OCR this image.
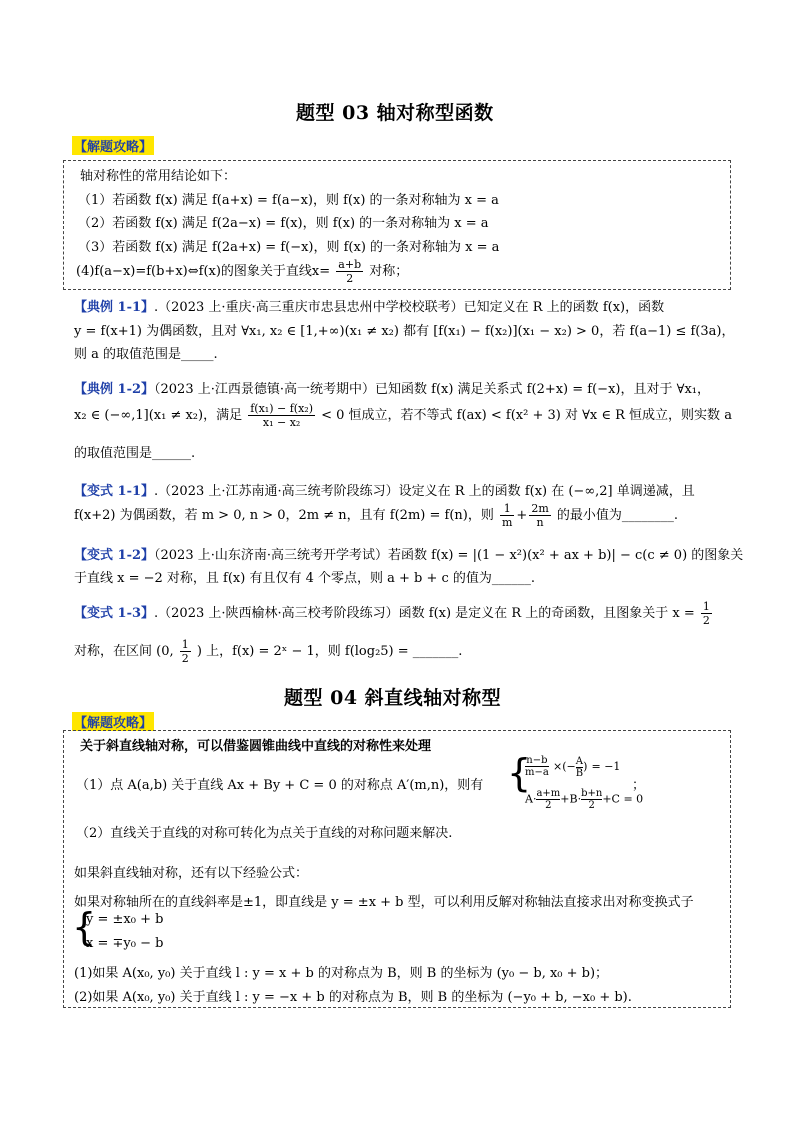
题型 03 轴对称型函数
【解题攻略】
轴对称性的常用结论如下：
（1）若函数 f(x) 满足 f(a+x) = f(a−x)，则 f(x) 的一条对称轴为 x = a
（2）若函数 f(x) 满足 f(2a−x) = f(x)，则 f(x) 的一条对称轴为 x = a
（3）若函数 f(x) 满足 f(2a+x) = f(−x)，则 f(x) 的一条对称轴为 x = a
(4)f(a−x)=f(b+x)⇔f(x)的图象关于直线$x= \frac{a+b}{2}$ 对称；
【典例 1-1】.（2023 上·重庆·高三重庆市忠县忠州中学校校联考）已知定义在 R 上的函数 f(x)，函数
y = f(x+1) 为偶函数，且对 ∀x₁, x₂ ∈ [1,+∞)(x₁ ≠ x₂) 都有 [f(x₁) − f(x₂)](x₁ − x₂) > 0，若 f(a−1) ≤ f(3a)，
则 a 的取值范围是_____.
【典例 1-2】（2023 上·江西景德镇·高一统考期中）已知函数 f(x) 满足关系式 f(2+x) = f(−x)，且对于 ∀x₁，
x₂ ∈ (−∞,1](x₁ ≠ x₂)，满足 $\frac{\text{f(x₁) − f(x₂)}}{\text{x₁ − x₂}} < 0$ 恒成立，若不等式 f(ax) < f(x² + 3) 对 ∀x ∈ R 恒成立，则实数 a
的取值范围是______.
【变式 1-1】.（2023 上·江苏南通·高三统考阶段练习）设定义在 R 上的函数 f(x) 在 (−∞,2] 单调递减，且
f(x+2) 为偶函数，若 m > 0, n > 0，2m ≠ n，且有 f(2m) = f(n)，则 $\frac{1}{m} + \frac{2m}{n}$ 的最小值为________.
【变式 1-2】（2023 上·山东济南·高三统考开学考试）若函数 f(x) = |(1 − x²)(x² + ax + b)| − c(c ≠ 0) 的图象关
于直线 x = −2 对称，且 f(x) 有且仅有 4 个零点，则 a + b + c 的值为______.
【变式 1-3】.（2023 上·陕西榆林·高三校考阶段练习）函数 f(x) 是定义在 R 上的奇函数，且图象关于 $x = \frac{1}{2}$
对称，在区间 (0, $\frac{1}{2}$ ) 上，f(x) = 2ˣ − 1，则 f(log₂5) = _______.
题型 04 斜直线轴对称型
【解题攻略】
关于斜直线轴对称，可以借鉴圆锥曲线中直线的对称性来处理
（1）点 A(a,b) 关于直线 Ax + By + C = 0 的对称点 A′(m,n)，则有 {
$\frac{n-b}{m-a}$ ×(− $\frac{A}{B}) = -1$
$A\cdot \frac{a+m}{2}+B\cdot \frac{b+n}{2}+C = 0$
；
（2）直线关于直线的对称可转化为点关于直线的对称问题来解决.
如果斜直线轴对称，还有以下经验公式：
如果对称轴所在的直线斜率是±1，即直线是 y = ±x + b 型，可以利用反解对称轴法直接求出对称变换式子
{
y = ±x₀ + b
x = ∓y₀ − b
(1)如果 A(x₀, y₀) 关于直线 l : y = x + b 的对称点为 B，则 B 的坐标为 (y₀ − b, x₀ + b)；
(2)如果 A(x₀, y₀) 关于直线 l : y = −x + b 的对称点为 B，则 B 的坐标为 (−y₀ + b, −x₀ + b).
